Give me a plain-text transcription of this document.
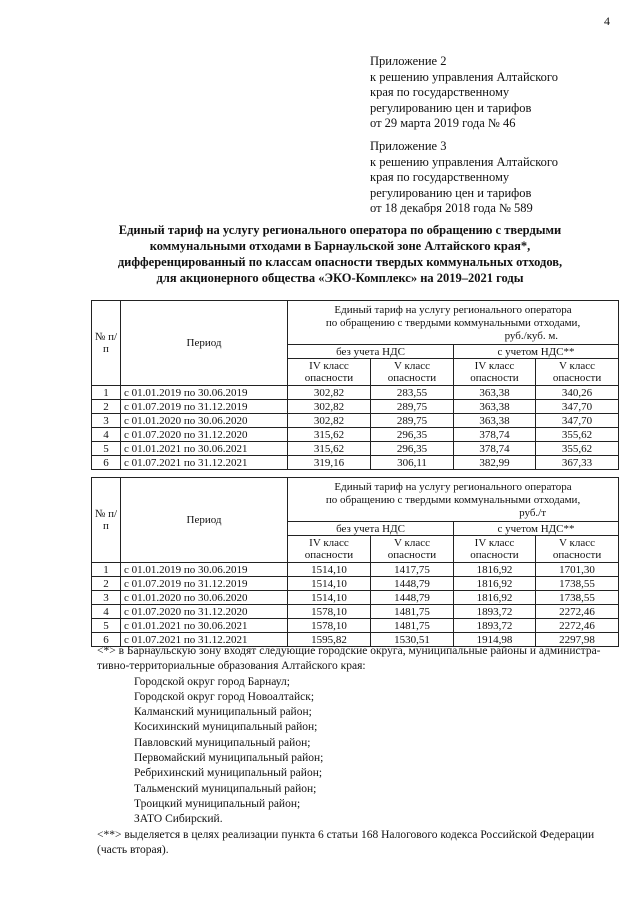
4
Приложение 2
к решению управления Алтайского
края по государственному
регулированию цен и тарифов
от 29 марта 2019 года № 46
Приложение 3
к решению управления Алтайского
края по государственному
регулированию цен и тарифов
от 18 декабря 2018 года № 589
Единый тариф на услугу регионального оператора по обращению с твердыми
коммунальными отходами в Барнаульской зоне Алтайского края*,
дифференцированный по классам опасности твердых коммунальных отходов,
для акционерного общества «ЭКО-Комплекс» на 2019–2021 годы
№ п/п	Период	Единый тариф на услугу регионального оператора
по обращению с твердыми коммунальными отходами,
руб./куб. м.			

		без учета НДС		с учетом НДС**	
		IV класс опасности	V класс опасности	IV класс опасности	V класс опасности
1	с 01.01.2019 по 30.06.2019	302,82	283,55	363,38	340,26
2	с 01.07.2019 по 31.12.2019	302,82	289,75	363,38	347,70
3	с 01.01.2020 по 30.06.2020	302,82	289,75	363,38	347,70
4	с 01.07.2020 по 31.12.2020	315,62	296,35	378,74	355,62
5	с 01.01.2021 по 30.06.2021	315,62	296,35	378,74	355,62
6	с 01.07.2021 по 31.12.2021	319,16	306,11	382,99	367,33
№ п/п	Период	Единый тариф на услугу регионального оператора
по обращению с твердыми коммунальными отходами,
руб./т			

		без учета НДС		с учетом НДС**	
		IV класс опасности	V класс опасности	IV класс опасности	V класс опасности
1	с 01.01.2019 по 30.06.2019	1514,10	1417,75	1816,92	1701,30
2	с 01.07.2019 по 31.12.2019	1514,10	1448,79	1816,92	1738,55
3	с 01.01.2020 по 30.06.2020	1514,10	1448,79	1816,92	1738,55
4	с 01.07.2020 по 31.12.2020	1578,10	1481,75	1893,72	2272,46
5	с 01.01.2021 по 30.06.2021	1578,10	1481,75	1893,72	2272,46
6	с 01.07.2021 по 31.12.2021	1595,82	1530,51	1914,98	2297,98
<*> в Барнаульскую зону входят следующие городские округа, муниципальные районы и администра-
тивно-территориальные образования Алтайского края:
Городской округ город Барнаул;
Городской округ город Новоалтайск;
Калманский муниципальный район;
Косихинский муниципальный район;
Павловский муниципальный район;
Первомайский муниципальный район;
Ребрихинский муниципальный район;
Тальменский муниципальный район;
Троицкий муниципальный район;
ЗАТО Сибирский.
<**> выделяется в целях реализации пункта 6 статьи 168 Налогового кодекса Российской Федерации
(часть вторая).
